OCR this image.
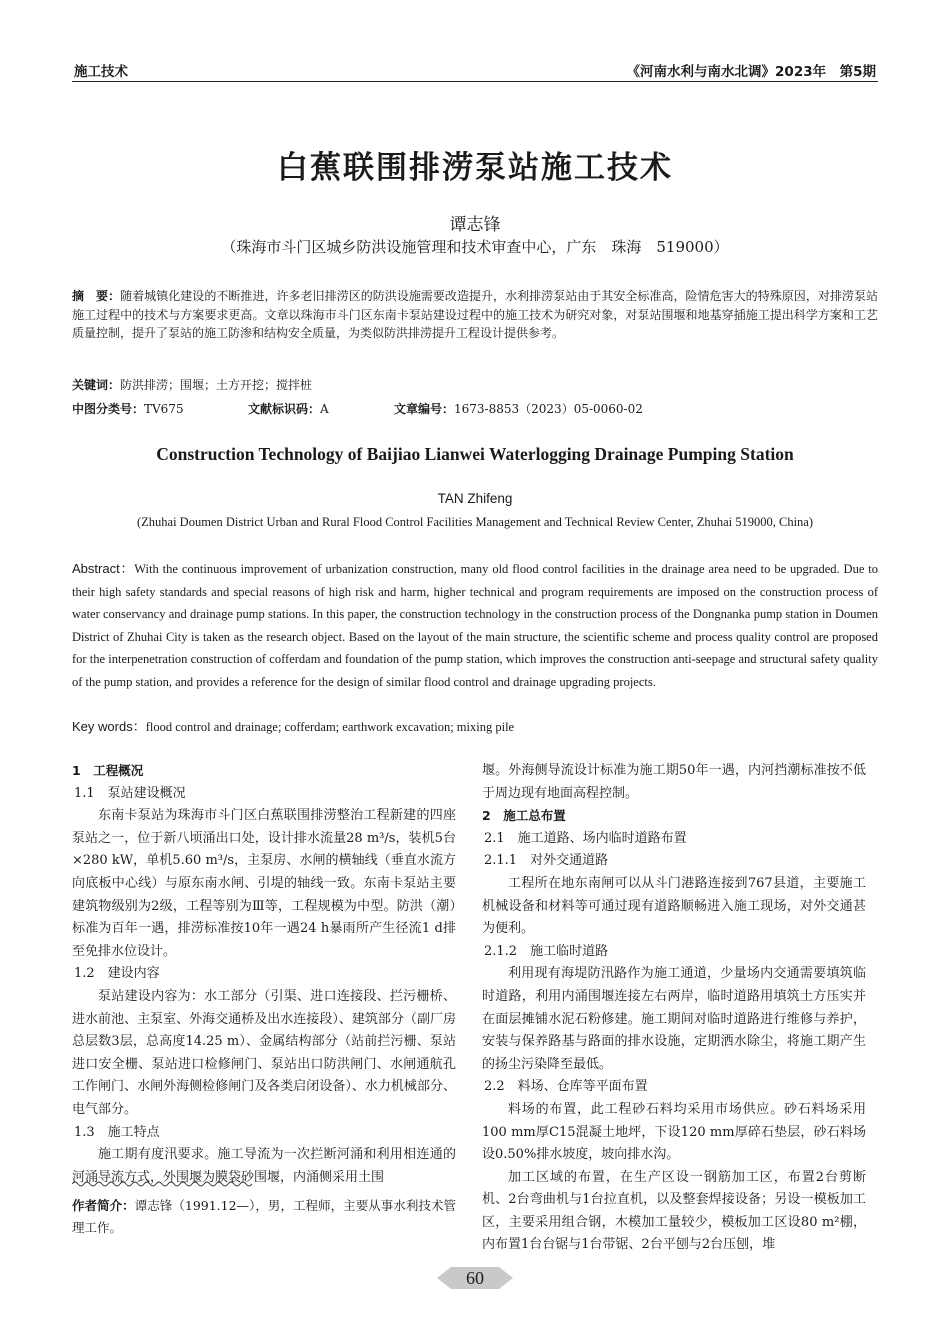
施工技术	《河南水利与南水北调》2023年　第5期
白蕉联围排涝泵站施工技术
谭志锋
（珠海市斗门区城乡防洪设施管理和技术审查中心，广东　珠海　519000）
摘　要：随着城镇化建设的不断推进，许多老旧排涝区的防洪设施需要改造提升，水利排涝泵站由于其安全标准高，险情危害大的特殊原因，对排涝泵站施工过程中的技术与方案要求更高。文章以珠海市斗门区东南卡泵站建设过程中的施工技术为研究对象，对泵站围堰和地基穿插施工提出科学方案和工艺质量控制，提升了泵站的施工防渗和结构安全质量，为类似防洪排涝提升工程设计提供参考。
关键词：防洪排涝；围堰；土方开挖；搅拌桩
中图分类号：TV675	文献标识码：A	文章编号：1673-8853（2023）05-0060-02
Construction Technology of Baijiao Lianwei Waterlogging Drainage Pumping Station
TAN Zhifeng
(Zhuhai Doumen District Urban and Rural Flood Control Facilities Management and Technical Review Center, Zhuhai 519000, China)
Abstract：With the continuous improvement of urbanization construction, many old flood control facilities in the drainage area need to be upgraded. Due to their high safety standards and special reasons of high risk and harm, higher technical and program requirements are imposed on the construction process of water conservancy and drainage pump stations. In this paper, the construction technology in the construction process of the Dongnanka pump station in Doumen District of Zhuhai City is taken as the research object. Based on the layout of the main structure, the scientific scheme and process quality control are proposed for the interpenetration construction of cofferdam and foundation of the pump station, which improves the construction anti-seepage and structural safety quality of the pump station, and provides a reference for the design of similar flood control and drainage upgrading projects.
Key words：flood control and drainage; cofferdam; earthwork excavation; mixing pile
1　工程概况
1.1　泵站建设概况

东南卡泵站为珠海市斗门区白蕉联围排涝整治工程新建的四座泵站之一，位于新八顷涌出口处，设计排水流量28 m³/s，装机5台×280 kW，单机5.60 m³/s，主泵房、水闸的横轴线（垂直水流方向底板中心线）与原东南水闸、引堤的轴线一致。东南卡泵站主要建筑物级别为2级，工程等别为Ⅲ等，工程规模为中型。防洪（潮）标准为百年一遇，排涝标准按10年一遇24 h暴雨所产生径流1 d排至免排水位设计。

1.2　建设内容

泵站建设内容为：水工部分（引渠、进口连接段、拦污栅桥、进水前池、主泵室、外海交通桥及出水连接段）、建筑部分（副厂房总层数3层，总高度14.25 m）、金属结构部分（站前拦污栅、泵站进口安全栅、泵站进口检修闸门、泵站出口防洪闸门、水闸通航孔工作闸门、水闸外海侧检修闸门及各类启闭设备）、水力机械部分、电气部分。

1.3　施工特点

施工期有度汛要求。施工导流为一次拦断河涌和利用相连通的河涌导流方式，外围堰为膜袋砂围堰，内涌侧采用土围

作者简介：谭志锋（1991.12—），男，工程师，主要从事水利技术管理工作。

堰。外海侧导流设计标准为施工期50年一遇，内河挡潮标准按不低于周边现有地面高程控制。

2　施工总布置
2.1　施工道路、场内临时道路布置
2.1.1　对外交通道路

工程所在地东南闸可以从斗门港路连接到767县道，主要施工机械设备和材料等可通过现有道路顺畅进入施工现场，对外交通甚为便利。

2.1.2　施工临时道路

利用现有海堤防汛路作为施工通道，少量场内交通需要填筑临时道路，利用内涌围堰连接左右两岸，临时道路用填筑土方压实并在面层摊铺水泥石粉修建。施工期间对临时道路进行维修与养护，安装与保养路基与路面的排水设施，定期洒水除尘，将施工期产生的扬尘污染降至最低。

2.2　料场、仓库等平面布置

料场的布置，此工程砂石料均采用市场供应。砂石料场采用100 mm厚C15混凝土地坪，下设120 mm厚碎石垫层，砂石料场设0.50%排水坡度，坡向排水沟。

加工区域的布置，在生产区设一钢筋加工区，布置2台剪断机、2台弯曲机与1台拉直机，以及整套焊接设备；另设一模板加工区，主要采用组合钢，木模加工量较少，模板加工区设80 m²棚，内布置1台台锯与1台带锯、2台平刨与2台压刨，堆

60
